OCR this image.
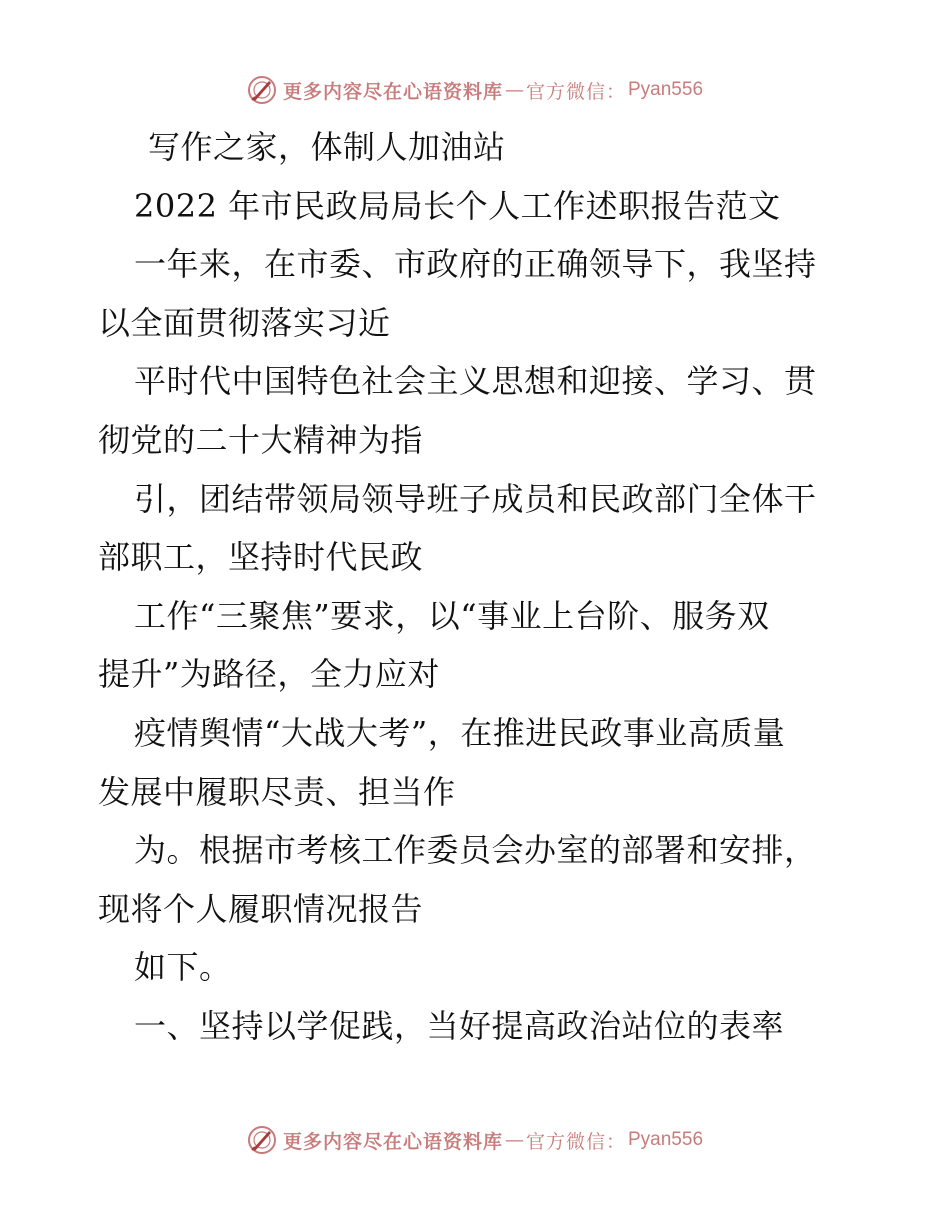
更多内容尽在心语资料库 — 官方微信： Pyan556
写作之家，体制人加油站
2022 年市民政局局长个人工作述职报告范文
一年来，在市委、市政府的正确领导下，我坚持
以全面贯彻落实习近
平时代中国特色社会主义思想和迎接、学习、贯
彻党的二十大精神为指
引，团结带领局领导班子成员和民政部门全体干
部职工，坚持时代民政
工作“三聚焦”要求，以“事业上台阶、服务双
提升”为路径，全力应对
疫情舆情“大战大考”，在推进民政事业高质量
发展中履职尽责、担当作
为。根据市考核工作委员会办室的部署和安排，
现将个人履职情况报告
如下。
一、坚持以学促践，当好提高政治站位的表率
更多内容尽在心语资料库 — 官方微信： Pyan556
